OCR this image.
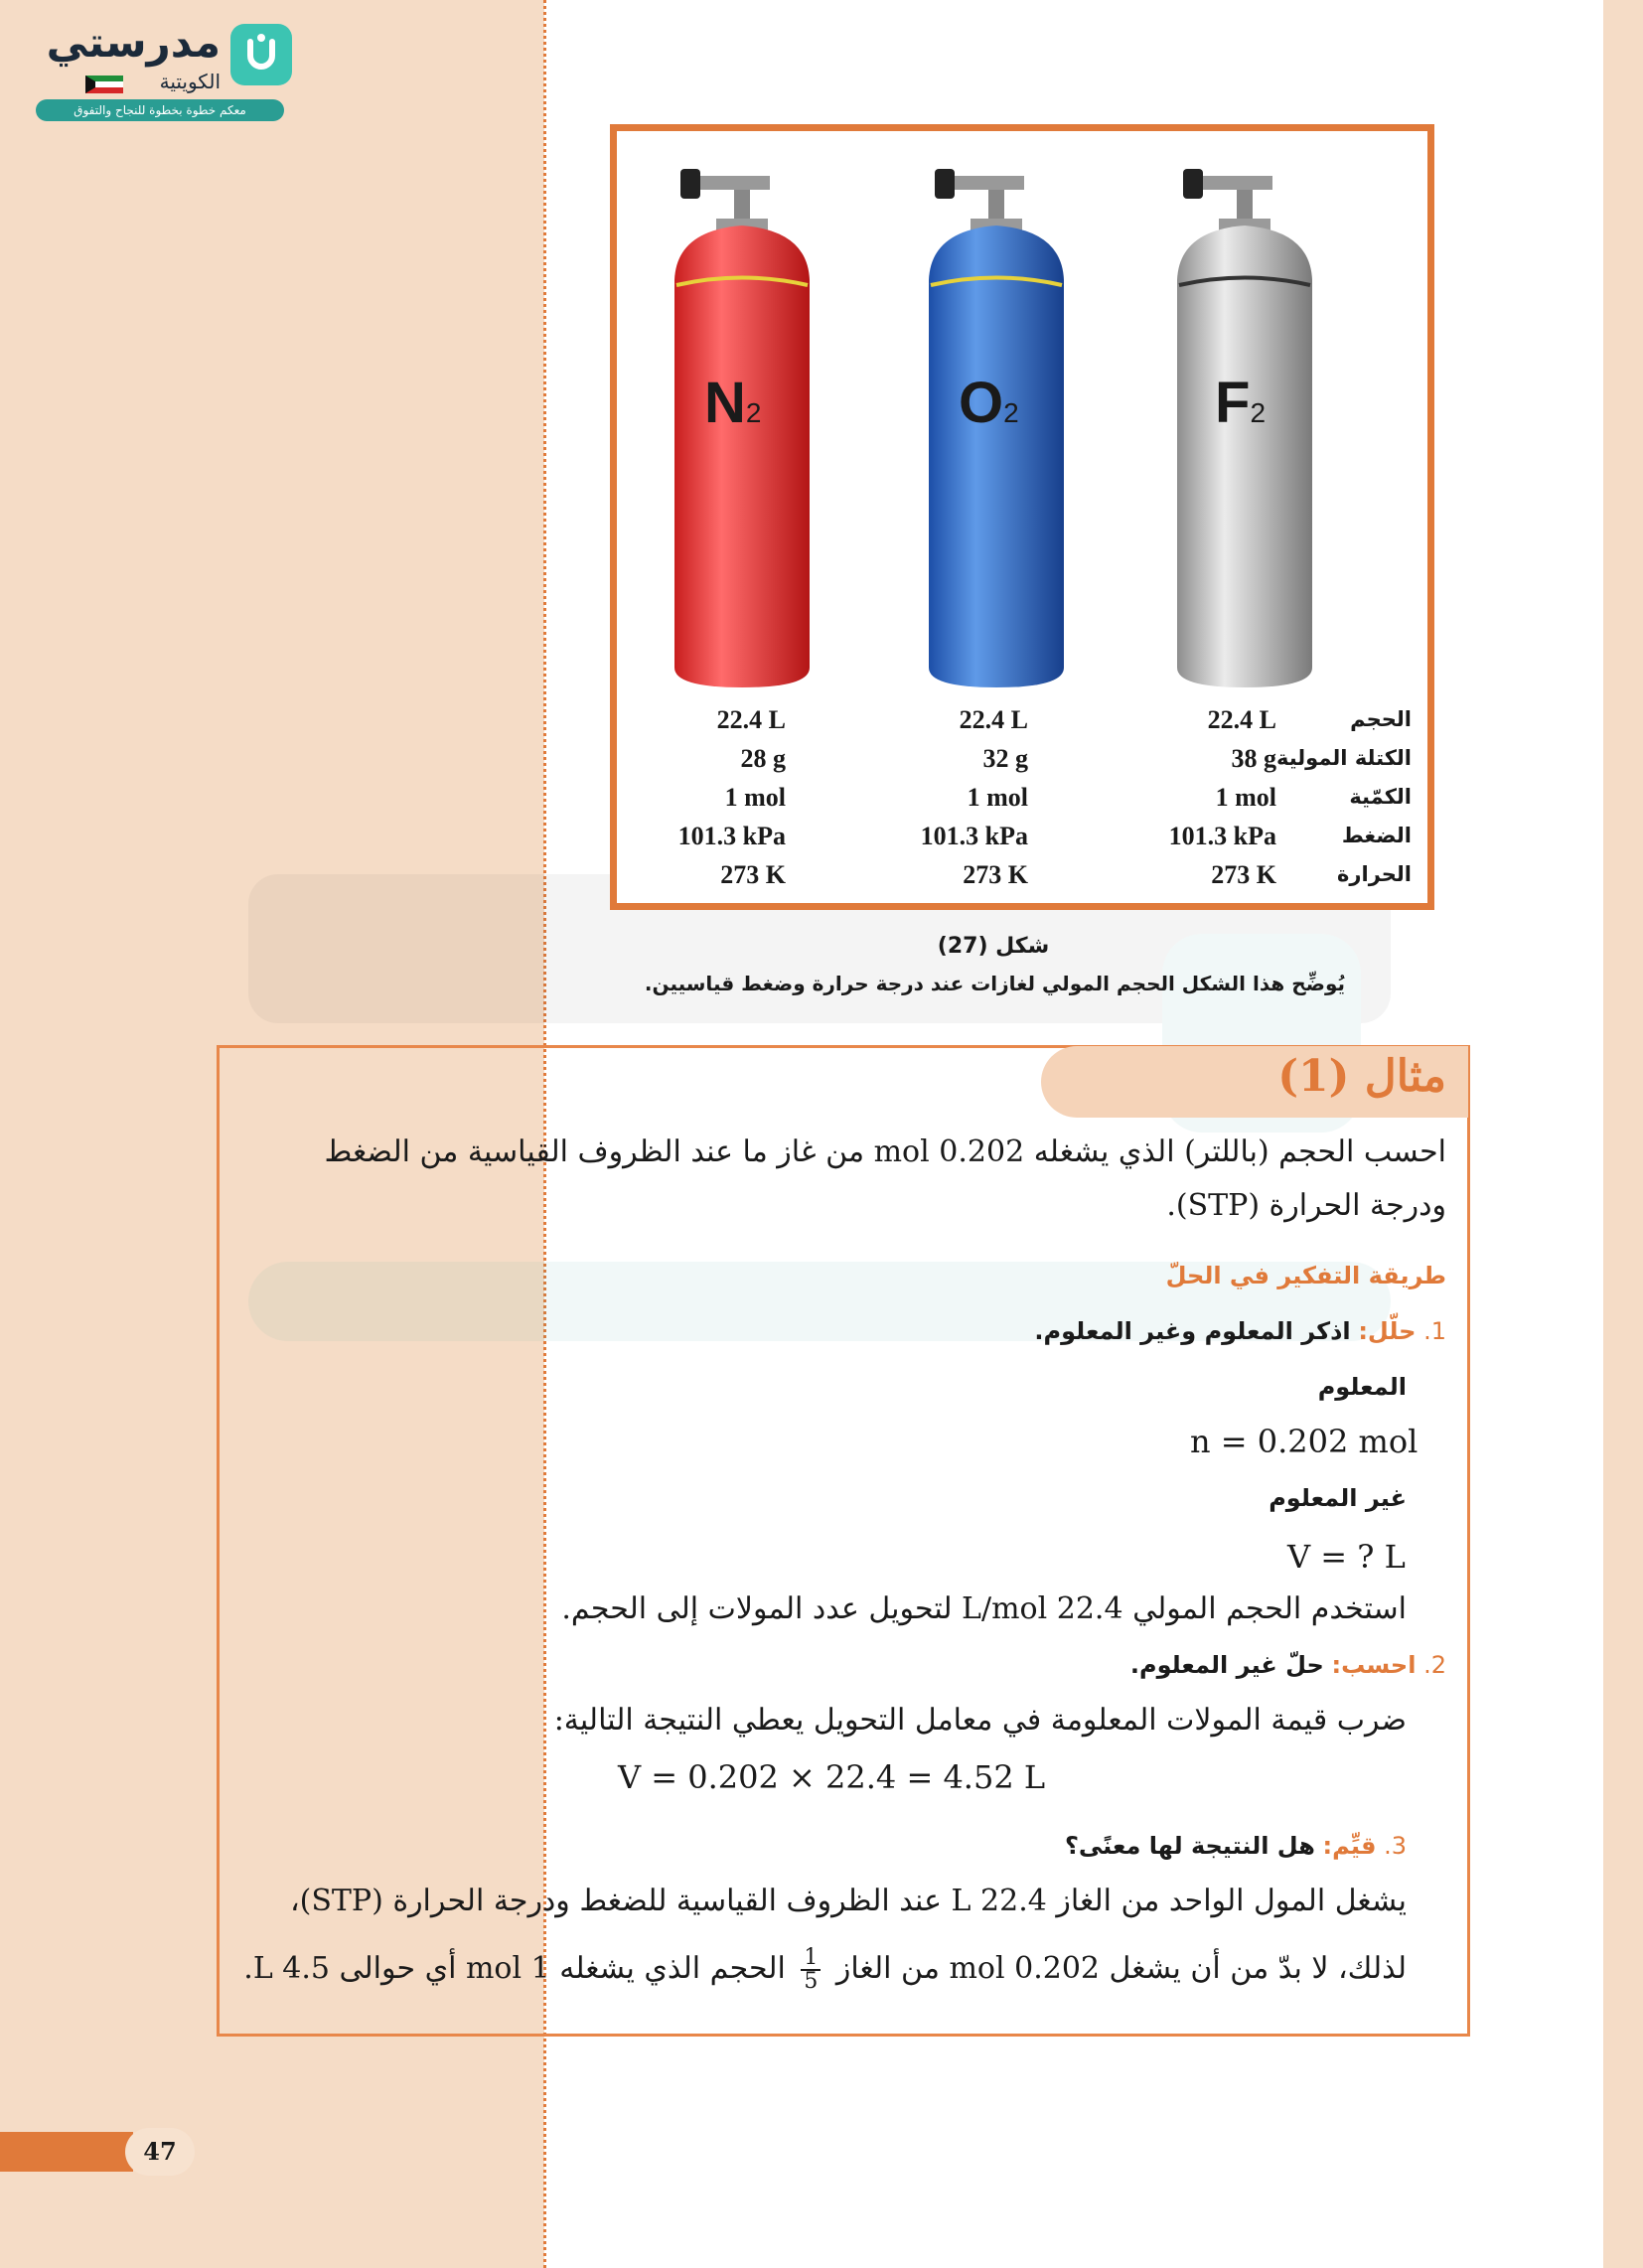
مدرستي
الكويتية
معكم خطوة بخطوة للنجاح والتفوق
N2	O2	F2
22.4 L
28 g
1 mol
101.3 kPa
273 K
22.4 L
32 g
1 mol
101.3 kPa
273 K
22.4 L
38 g
1 mol
101.3 kPa
273 K
الحجم
الكتلة المولية
الكمّية
الضغط
الحرارة
شكل (27)
يُوضِّح هذا الشكل الحجم المولي لغازات عند درجة حرارة وضغط قياسيين.
مثال (1)
احسب الحجم (باللتر) الذي يشغله 0.202 mol من غاز ما عند الظروف القياسية من الضغط
ودرجة الحرارة (STP).
طريقة التفكير في الحلّ
1. حلّل: اذكر المعلوم وغير المعلوم.
المعلوم
n = 0.202 mol
غير المعلوم
V = ? L
استخدم الحجم المولي 22.4 L/mol لتحويل عدد المولات إلى الحجم.
2. احسب: حلّ غير المعلوم.
ضرب قيمة المولات المعلومة في معامل التحويل يعطي النتيجة التالية:
V = 0.202 × 22.4 = 4.52 L
3. قيِّم: هل النتيجة لها معنًى؟
يشغل المول الواحد من الغاز 22.4 L عند الظروف القياسية للضغط ودرجة الحرارة (STP)،
لذلك، لا بدّ من أن يشغل 0.202 mol من الغاز
$\frac{1}{5}$
الحجم الذي يشغله 1 mol أي حوالى 4.5 L.
47
